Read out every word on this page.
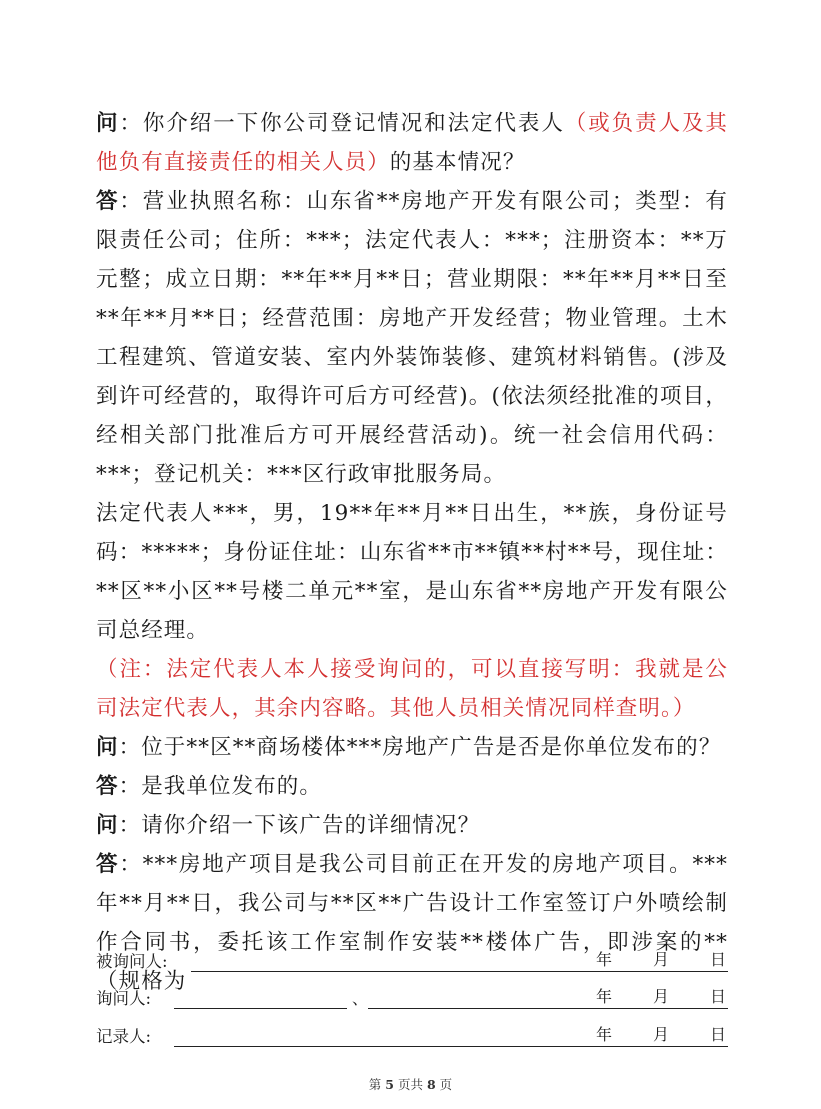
问：你介绍一下你公司登记情况和法定代表人（或负责人及其他负有直接责任的相关人员）的基本情况？

答：营业执照名称：山东省**房地产开发有限公司；类型：有限责任公司；住所：***；法定代表人：***；注册资本：**万元整；成立日期：**年**月**日；营业期限：**年**月**日至**年**月**日；经营范围：房地产开发经营；物业管理。土木工程建筑、管道安装、室内外装饰装修、建筑材料销售。(涉及到许可经营的，取得许可后方可经营)。(依法须经批准的项目，经相关部门批准后方可开展经营活动)。统一社会信用代码：***；登记机关：***区行政审批服务局。

法定代表人***，男，19**年**月**日出生，**族，身份证号码：*****；身份证住址：山东省**市**镇**村**号，现住址：**区**小区**号楼二单元**室，是山东省**房地产开发有限公司总经理。

（注：法定代表人本人接受询问的，可以直接写明：我就是公司法定代表人，其余内容略。其他人员相关情况同样查明。）

问：位于**区**商场楼体***房地产广告是否是你单位发布的？

答：是我单位发布的。

问：请你介绍一下该广告的详细情况？

答：***房地产项目是我公司目前正在开发的房地产项目。***年**月**日，我公司与**区**广告设计工作室签订户外喷绘制作合同书，委托该工作室制作安装**楼体广告，即涉案的**（规格为

被询问人:	年	月	日
询问人:	、	年	月	日
记录人:	年	月	日
第 5 页共 8 页
